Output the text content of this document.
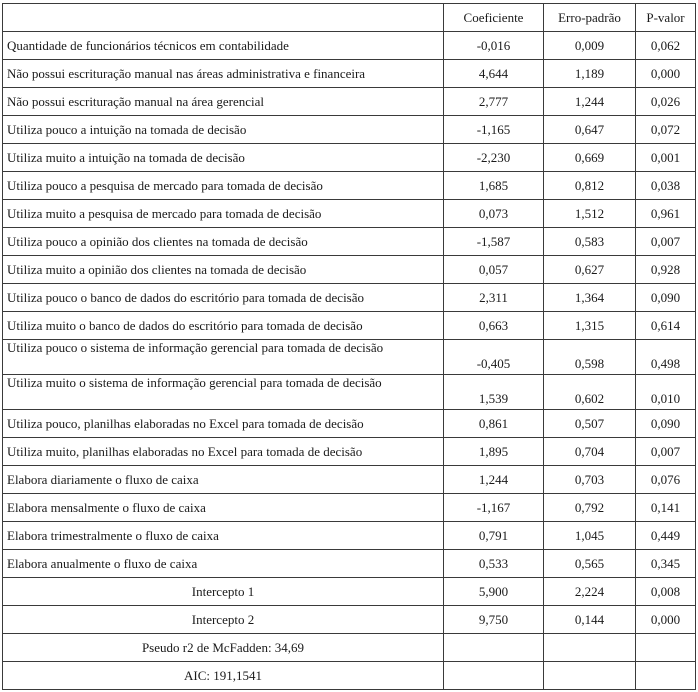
	Coeficiente	Erro-padrão	P-valor
Quantidade de funcionários técnicos em contabilidade	-0,016	0,009	0,062
Não possui escrituração manual nas áreas administrativa e financeira	4,644	1,189	0,000
Não possui escrituração manual na área gerencial	2,777	1,244	0,026
Utiliza pouco a intuição na tomada de decisão	-1,165	0,647	0,072
Utiliza muito a intuição na tomada de decisão	-2,230	0,669	0,001
Utiliza pouco a pesquisa de mercado para tomada de decisão	1,685	0,812	0,038
Utiliza muito a pesquisa de mercado para tomada de decisão	0,073	1,512	0,961
Utiliza pouco a opinião dos clientes na tomada de decisão	-1,587	0,583	0,007
Utiliza muito a opinião dos clientes na tomada de decisão	0,057	0,627	0,928
Utiliza pouco o banco de dados do escritório para tomada de decisão	2,311	1,364	0,090
Utiliza muito o banco de dados do escritório para tomada de decisão	0,663	1,315	0,614
Utiliza pouco o sistema de informação gerencial para tomada de decisão	-0,405	0,598	0,498
Utiliza muito o sistema de informação gerencial para tomada de decisão	1,539	0,602	0,010
Utiliza pouco, planilhas elaboradas no Excel para tomada de decisão	0,861	0,507	0,090
Utiliza muito, planilhas elaboradas no Excel para tomada de decisão	1,895	0,704	0,007
Elabora diariamente o fluxo de caixa	1,244	0,703	0,076
Elabora mensalmente o fluxo de caixa	-1,167	0,792	0,141
Elabora trimestralmente o fluxo de caixa	0,791	1,045	0,449
Elabora anualmente o fluxo de caixa	0,533	0,565	0,345
Intercepto 1	5,900	2,224	0,008
Intercepto 2	9,750	0,144	0,000
Pseudo r2 de McFadden: 34,69			
AIC: 191,1541			
